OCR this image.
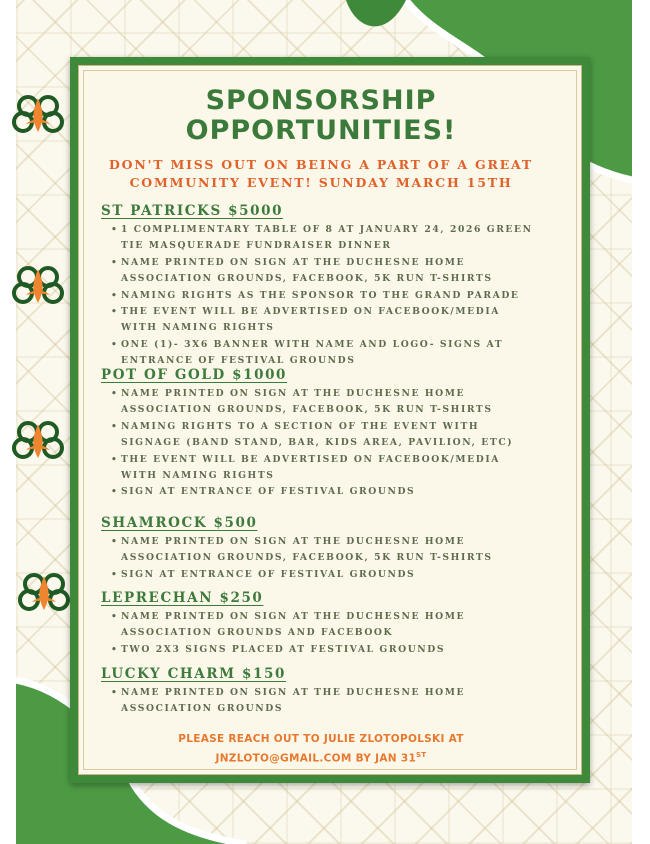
SPONSORSHIP
OPPORTUNITIES!
DON'T MISS OUT ON BEING A PART OF A GREAT
COMMUNITY EVENT! SUNDAY MARCH 15TH
ST PATRICKS $5000
• 1 COMPLIMENTARY TABLE OF 8 AT JANUARY 24, 2026 GREEN TIE MASQUERADE FUNDRAISER DINNER
• NAME PRINTED ON SIGN AT THE DUCHESNE HOME ASSOCIATION GROUNDS, FACEBOOK, 5K RUN T-SHIRTS
• NAMING RIGHTS AS THE SPONSOR TO THE GRAND PARADE
• THE EVENT WILL BE ADVERTISED ON FACEBOOK/MEDIA WITH NAMING RIGHTS
• ONE (1)- 3X6 BANNER WITH NAME AND LOGO- SIGNS AT ENTRANCE OF FESTIVAL GROUNDS
POT OF GOLD $1000
• NAME PRINTED ON SIGN AT THE DUCHESNE HOME ASSOCIATION GROUNDS, FACEBOOK, 5K RUN T-SHIRTS
• NAMING RIGHTS TO A SECTION OF THE EVENT WITH SIGNAGE (BAND STAND, BAR, KIDS AREA, PAVILION, ETC)
• THE EVENT WILL BE ADVERTISED ON FACEBOOK/MEDIA WITH NAMING RIGHTS
• SIGN AT ENTRANCE OF FESTIVAL GROUNDS
SHAMROCK $500
• NAME PRINTED ON SIGN AT THE DUCHESNE HOME ASSOCIATION GROUNDS, FACEBOOK, 5K RUN T-SHIRTS
• SIGN AT ENTRANCE OF FESTIVAL GROUNDS
LEPRECHAN $250
• NAME PRINTED ON SIGN AT THE DUCHESNE HOME ASSOCIATION GROUNDS AND FACEBOOK
• TWO 2X3 SIGNS PLACED AT FESTIVAL GROUNDS
LUCKY CHARM $150
• NAME PRINTED ON SIGN AT THE DUCHESNE HOME ASSOCIATION GROUNDS
PLEASE REACH OUT TO JULIE ZLOTOPOLSKI AT
JNZLOTO@GMAIL.COM BY JAN 31ST
